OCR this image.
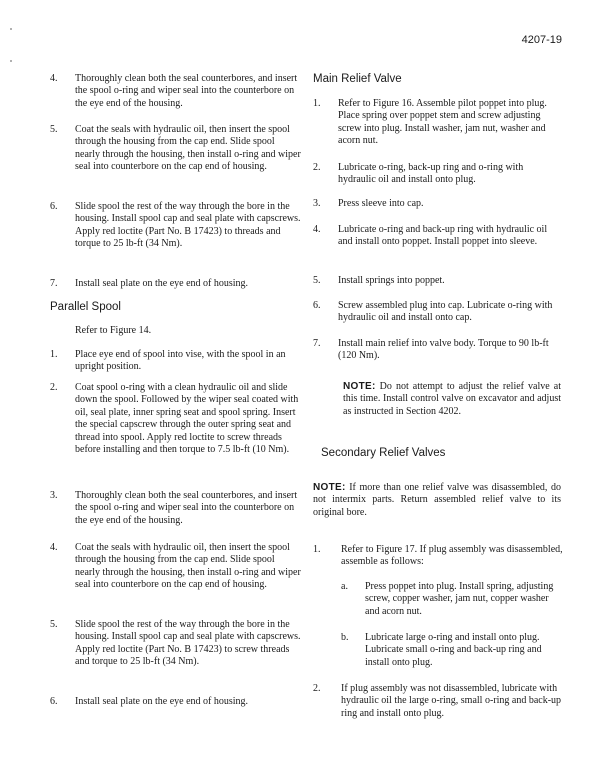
4207-19
4. Thoroughly clean both the seal counterbores, and insert the spool o-ring and wiper seal into the counterbore on the eye end of the housing.
5. Coat the seals with hydraulic oil, then insert the spool through the housing from the cap end. Slide spool nearly through the housing, then install o-ring and wiper seal into counterbore on the cap end of housing.
6. Slide spool the rest of the way through the bore in the housing. Install spool cap and seal plate with capscrews. Apply red loctite (Part No. B 17423) to threads and torque to 25 lb-ft (34 Nm).
7. Install seal plate on the eye end of housing.
Parallel Spool
Refer to Figure 14.
1. Place eye end of spool into vise, with the spool in an upright position.
2. Coat spool o-ring with a clean hydraulic oil and slide down the spool. Followed by the wiper seal coated with oil, seal plate, inner spring seat and spool spring. Insert the special capscrew through the outer spring seat and thread into spool. Apply red loctite to screw threads before installing and then torque to 7.5 lb-ft (10 Nm).
3. Thoroughly clean both the seal counterbores, and insert the spool o-ring and wiper seal into the counterbore on the eye end of the housing.
4. Coat the seals with hydraulic oil, then insert the spool through the housing from the cap end. Slide spool nearly through the housing, then install o-ring and wiper seal into counterbore on the cap end of housing.
5. Slide spool the rest of the way through the bore in the housing. Install spool cap and seal plate with capscrews. Apply red loctite (Part No. B 17423) to screw threads and torque to 25 lb-ft (34 Nm).
6. Install seal plate on the eye end of housing.
Main Relief Valve
1. Refer to Figure 16. Assemble pilot poppet into plug. Place spring over poppet stem and screw adjusting screw into plug. Install washer, jam nut, washer and acorn nut.
2. Lubricate o-ring, back-up ring and o-ring with hydraulic oil and install onto plug.
3. Press sleeve into cap.
4. Lubricate o-ring and back-up ring with hydraulic oil and install onto poppet. Install poppet into sleeve.
5. Install springs into poppet.
6. Screw assembled plug into cap. Lubricate o-ring with hydraulic oil and install onto cap.
7. Install main relief into valve body. Torque to 90 lb-ft (120 Nm).
NOTE: Do not attempt to adjust the relief valve at this time. Install control valve on excavator and adjust as instructed in Section 4202.
Secondary Relief Valves
NOTE: If more than one relief valve was disassembled, do not intermix parts. Return assembled relief valve to its original bore.
1. Refer to Figure 17. If plug assembly was disassembled, assemble as follows:
a. Press poppet into plug. Install spring, adjusting screw, copper washer, jam nut, copper washer and acorn nut.
b. Lubricate large o-ring and install onto plug. Lubricate small o-ring and back-up ring and install onto plug.
2. If plug assembly was not disassembled, lubricate with hydraulic oil the large o-ring, small o-ring and back-up ring and install onto plug.
